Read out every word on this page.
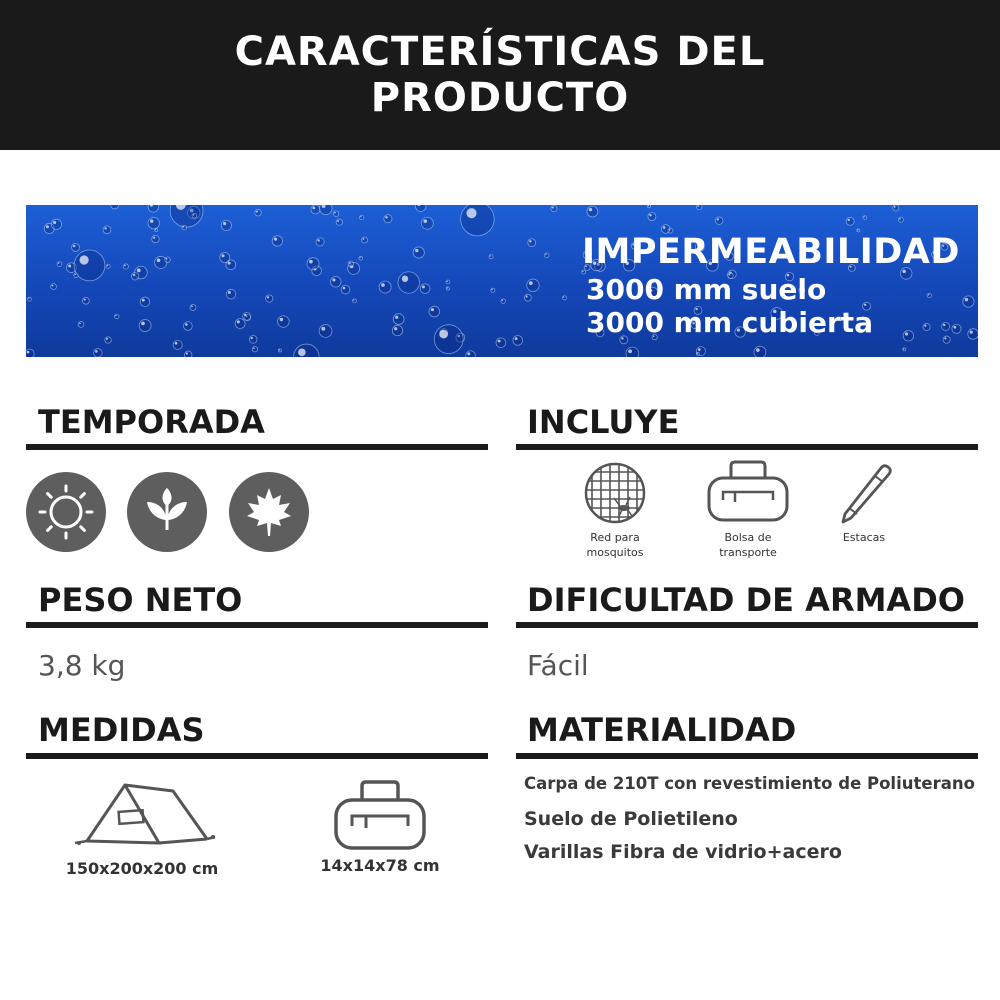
CARACTERÍSTICAS DEL
PRODUCTO
IMPERMEABILIDAD
3000 mm suelo
3000 mm cubierta
TEMPORADA	INCLUYE
Red para
mosquitos
Bolsa de
transporte
Estacas
PESO NETO
3,8 kg
DIFICULTAD DE ARMADO
Fácil
MEDIDAS
150x200x200 cm	14x14x78 cm
MATERIALIDAD
Carpa de 210T con revestimiento de Poliuterano
Suelo de Polietileno
Varillas Fibra de vidrio+acero
